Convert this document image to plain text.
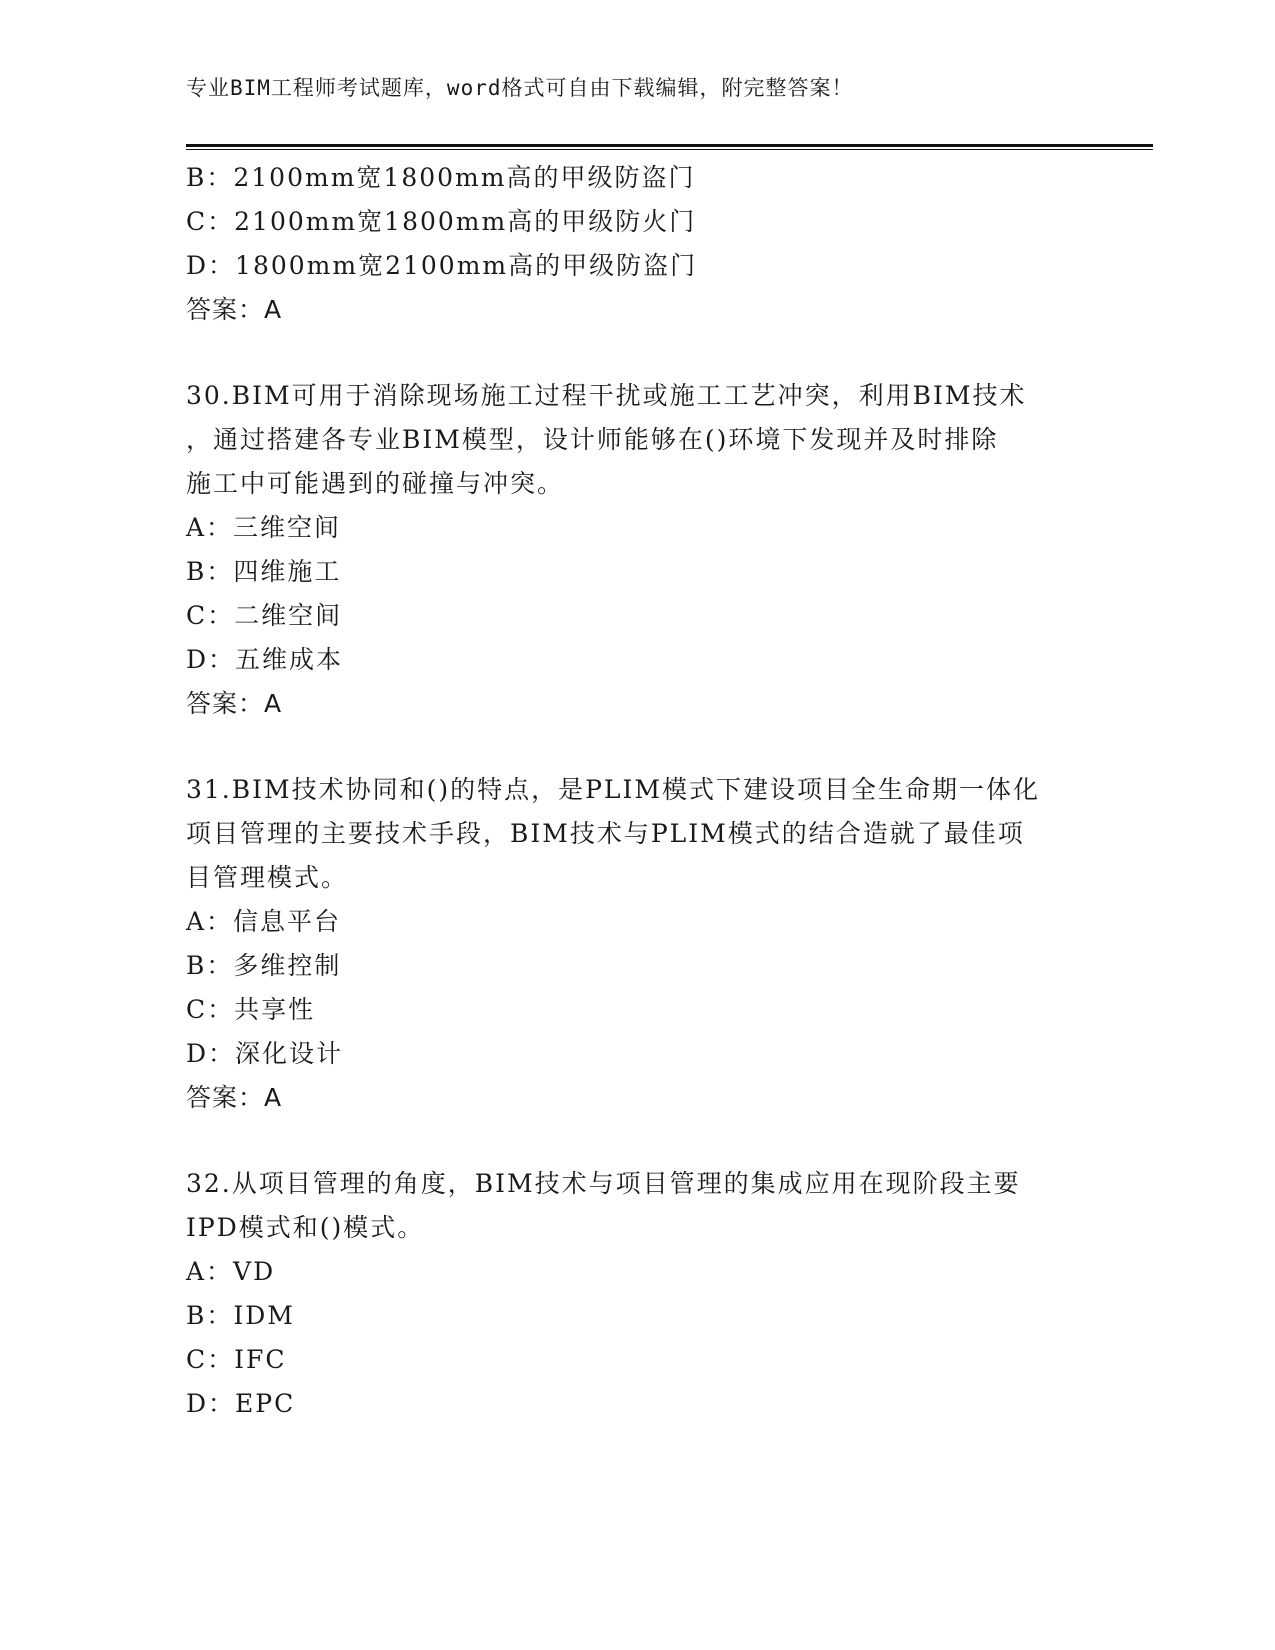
专业BIM工程师考试题库，word格式可自由下载编辑，附完整答案！
B：2100mm宽1800mm高的甲级防盗门
C：2100mm宽1800mm高的甲级防火门
D：1800mm宽2100mm高的甲级防盗门
答案：A
30.BIM可用于消除现场施工过程干扰或施工工艺冲突，利用BIM技术
，通过搭建各专业BIM模型，设计师能够在()环境下发现并及时排除
施工中可能遇到的碰撞与冲突。
A：三维空间
B：四维施工
C：二维空间
D：五维成本
答案：A
31.BIM技术协同和()的特点，是PLIM模式下建设项目全生命期一体化
项目管理的主要技术手段，BIM技术与PLIM模式的结合造就了最佳项
目管理模式。
A：信息平台
B：多维控制
C：共享性
D：深化设计
答案：A
32.从项目管理的角度，BIM技术与项目管理的集成应用在现阶段主要
IPD模式和()模式。
A：VD
B：IDM
C：IFC
D：EPC
